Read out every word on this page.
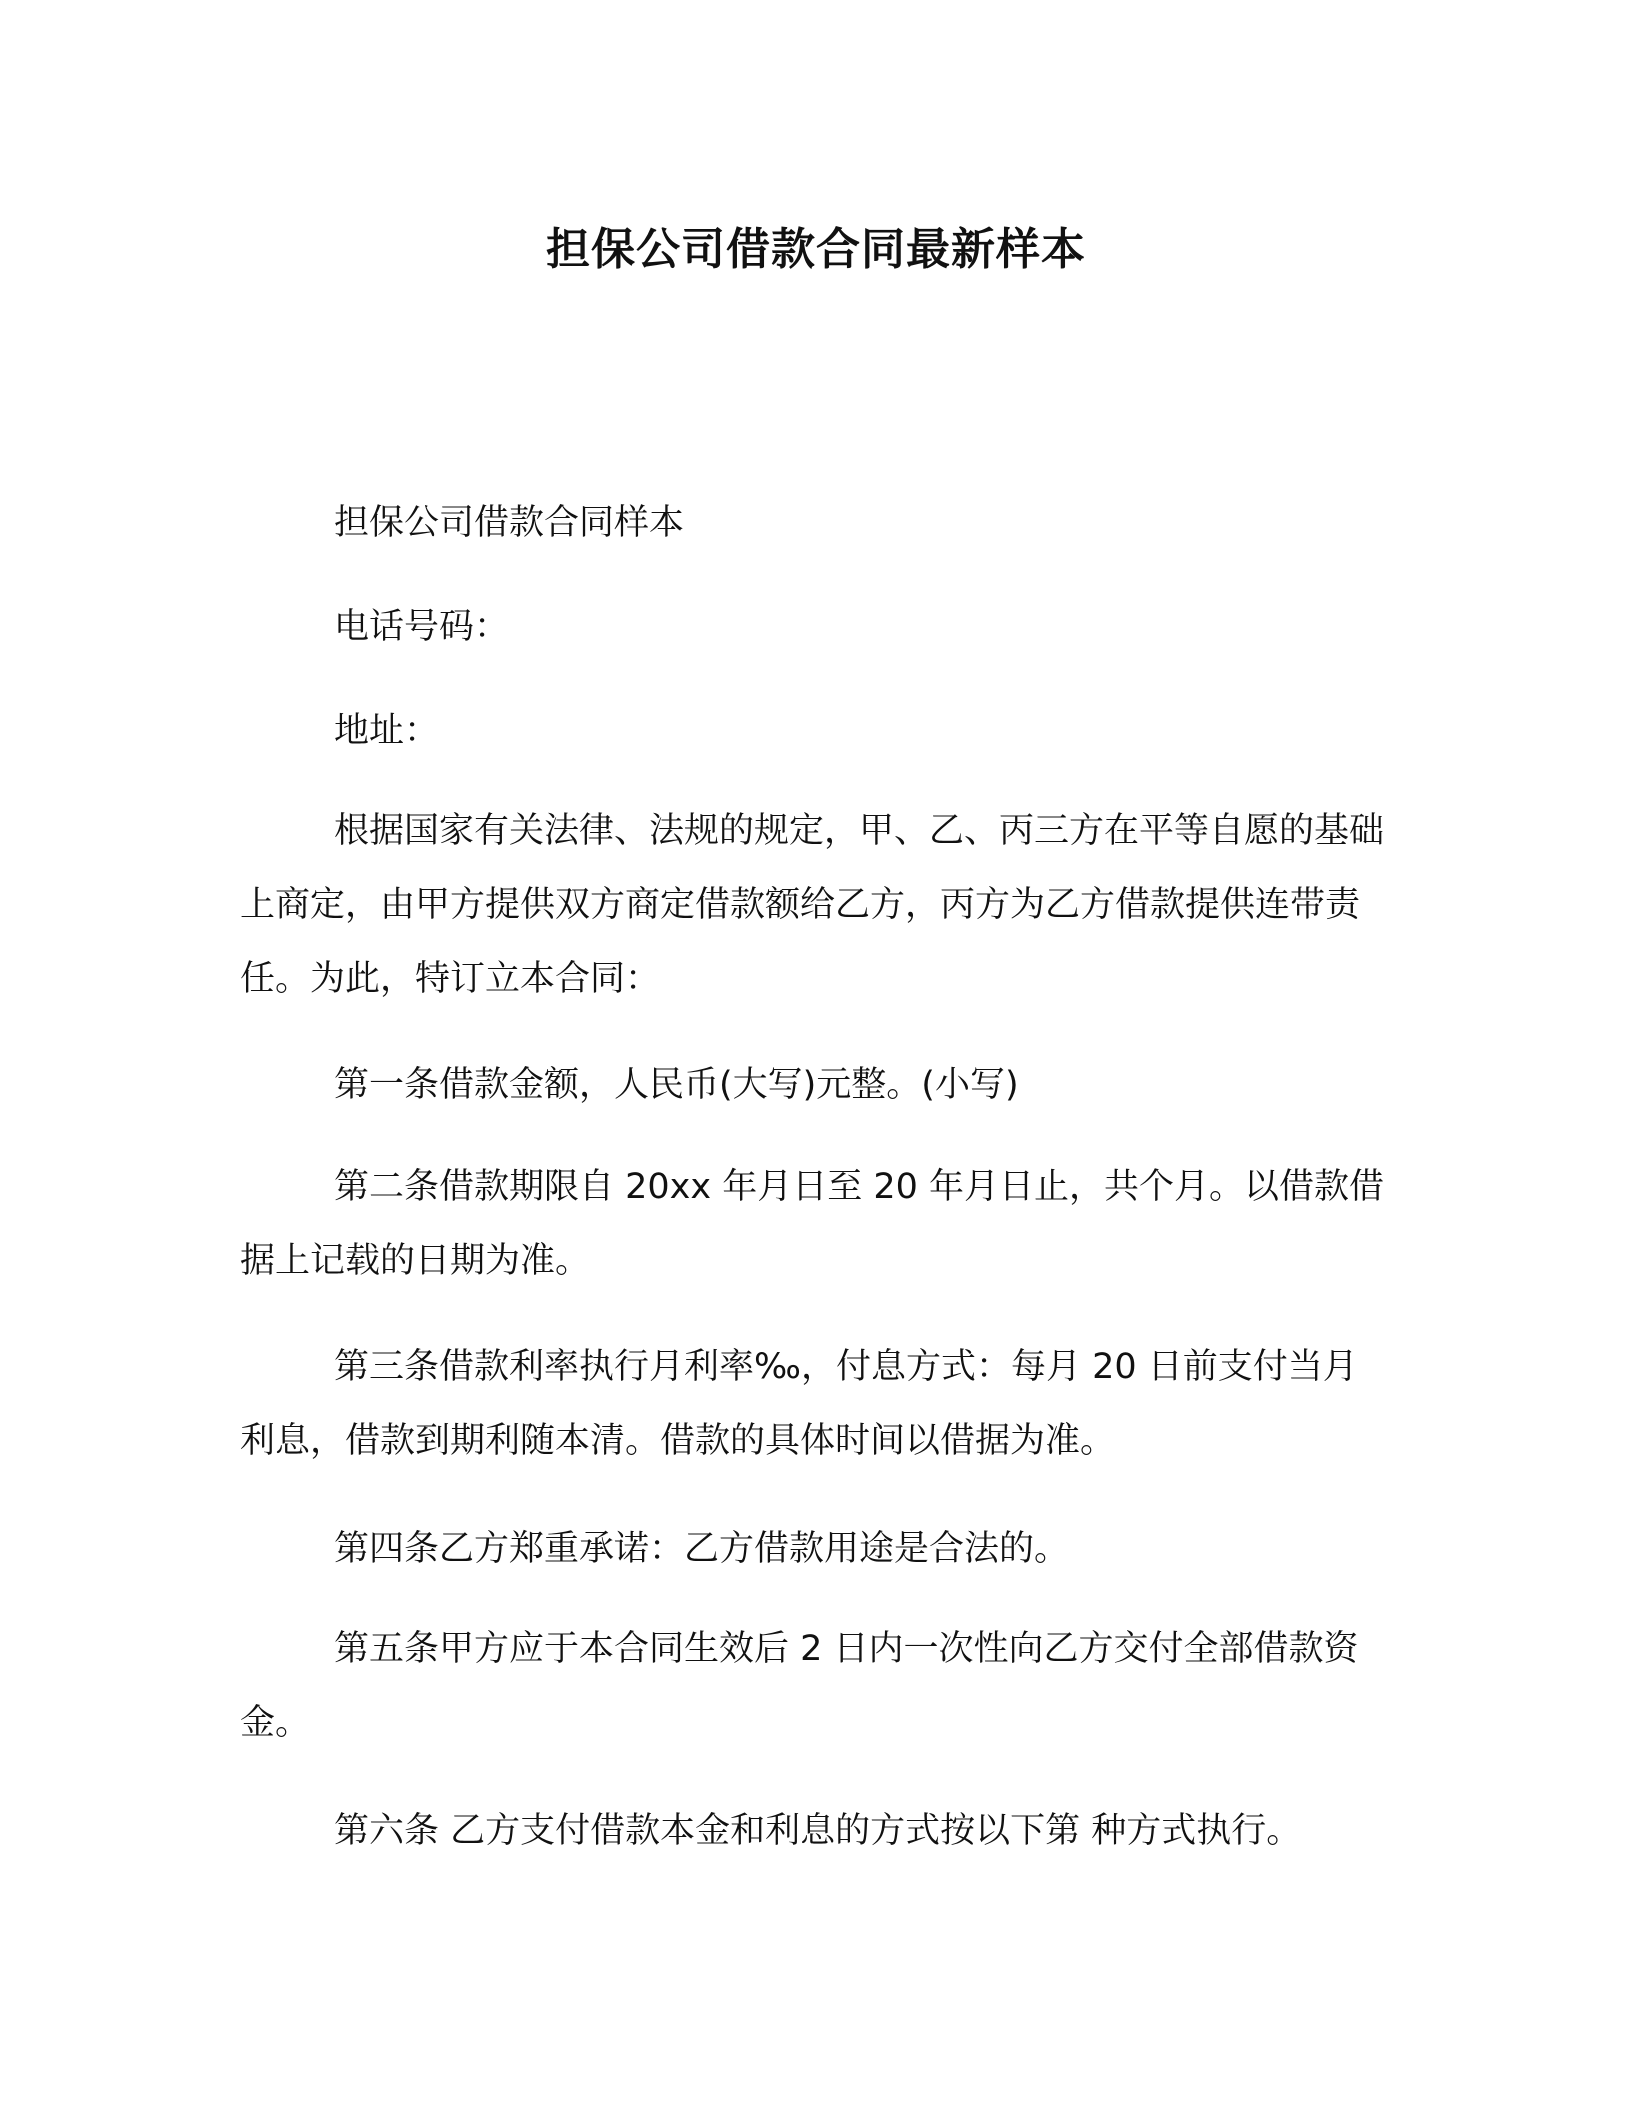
担保公司借款合同最新样本

担保公司借款合同样本

电话号码：

地址：

根据国家有关法律、法规的规定，甲、乙、丙三方在平等自愿的基础上商定，由甲方提供双方商定借款额给乙方，丙方为乙方借款提供连带责任。为此，特订立本合同：

第一条借款金额，人民币(大写)元整。(小写)

第二条借款期限自 20xx 年月日至 20 年月日止，共个月。以借款借据上记载的日期为准。

第三条借款利率执行月利率‰，付息方式：每月 20 日前支付当月利息，借款到期利随本清。借款的具体时间以借据为准。

第四条乙方郑重承诺：乙方借款用途是合法的。

第五条甲方应于本合同生效后 2 日内一次性向乙方交付全部借款资金。

第六条 乙方支付借款本金和利息的方式按以下第 种方式执行。
